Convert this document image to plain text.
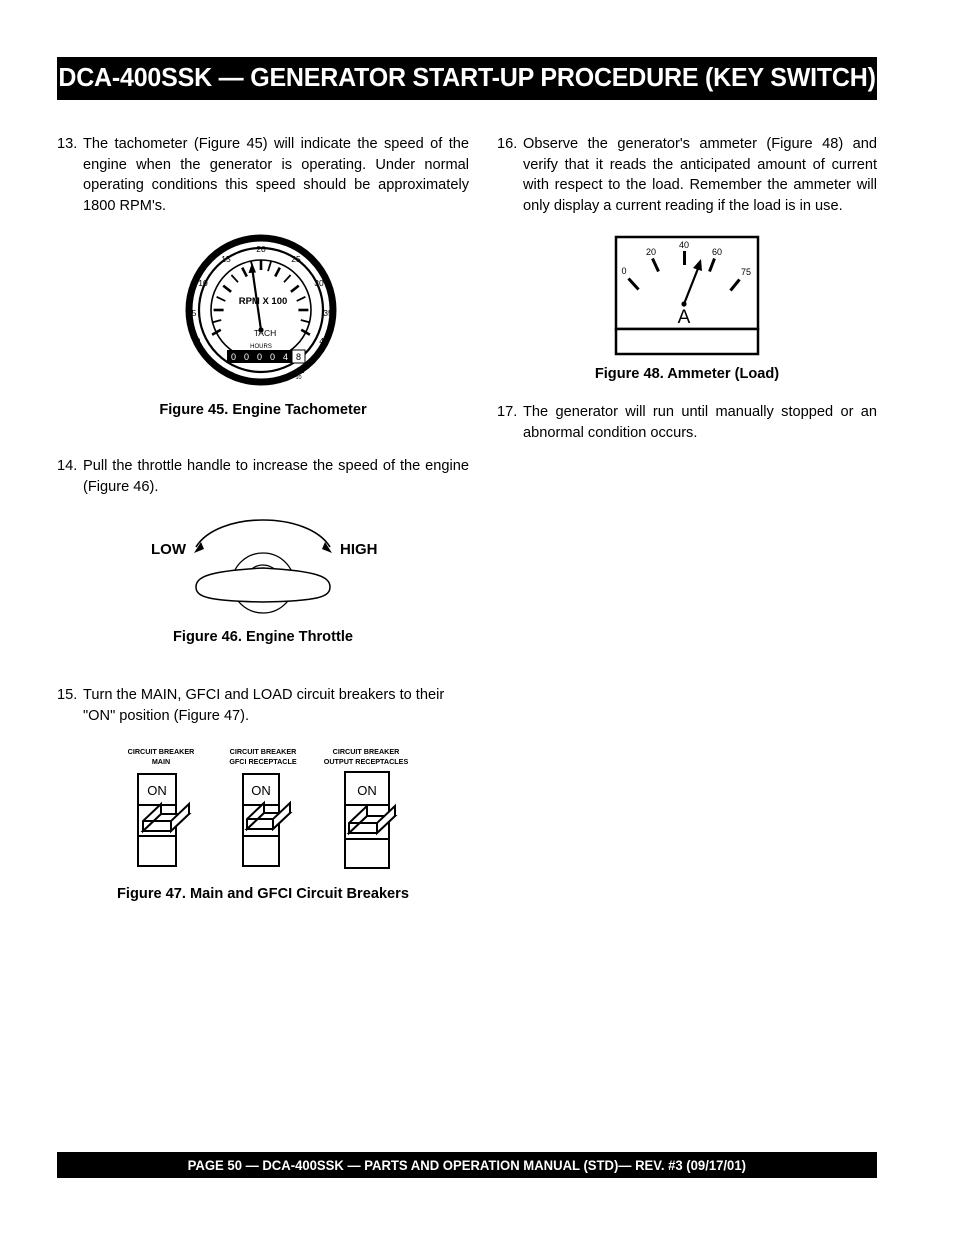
DCA-400SSK — GENERATOR START-UP PROCEDURE (KEY SWITCH)
13. The tachometer (Figure 45) will indicate the speed of the engine when the generator is operating. Under normal operating conditions this speed should be approximately 1800 RPM's.
0
5
10
15
20
25
30
35
40
RPM X 100
TACH
HOURS
0 0 0 0 4 8
1
10
Figure 45. Engine Tachometer
14. Pull the throttle handle to increase the speed of the engine (Figure 46).
LOW	HIGH
Figure 46. Engine Throttle
15. Turn the MAIN, GFCI and LOAD circuit breakers to their "ON" position (Figure 47).
CIRCUIT BREAKER
MAIN
CIRCUIT BREAKER
GFCI RECEPTACLE
CIRCUIT BREAKER
OUTPUT RECEPTACLES
ON	ON	ON
Figure 47. Main and GFCI Circuit Breakers
16. Observe the generator's ammeter (Figure 48) and verify that it reads the anticipated amount of current with respect to the load. Remember the ammeter will only display a current reading if the load is in use.
0
20
40
60
75
A
Figure 48. Ammeter (Load)
17. The generator will run until manually stopped or an abnormal condition occurs.
PAGE 50 — DCA-400SSK — PARTS AND OPERATION MANUAL (STD)— REV. #3 (09/17/01)
